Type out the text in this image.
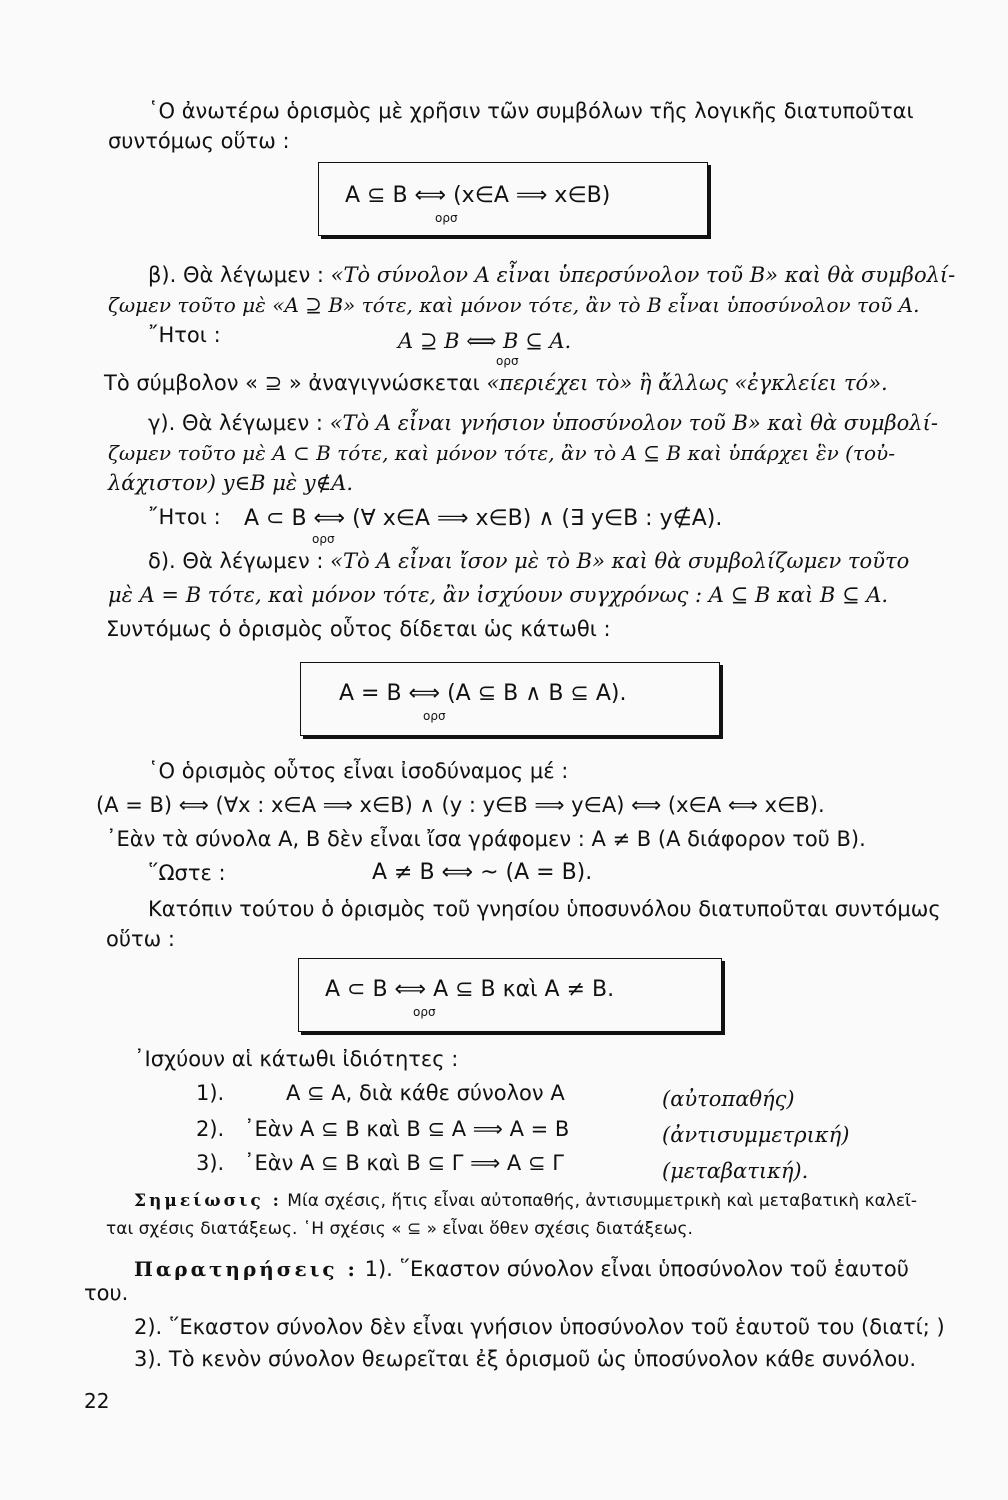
῾Ο ἀνωτέρω ὁρισμὸς μὲ χρῆσιν τῶν συμβόλων τῆς λογικῆς διατυποῦται
συντόμως οὕτω :
A ⊆ B ⟺ (x∈A ⟹ x∈B)
ορσ
β). Θὰ λέγωμεν : «Τὸ σύνολον A εἶναι ὑπερσύνολον τοῦ B» καὶ θὰ συμβολί-
ζωμεν τοῦτο μὲ «A ⊇ B» τότε, καὶ μόνον τότε, ἂν τὸ B εἶναι ὑποσύνολον τοῦ A.
῎Ητοι :	A ⊇ B ⟺ B ⊆ A.
ορσ
Τὸ σύμβολον « ⊇ » ἀναγιγνώσκεται «περιέχει τὸ» ἢ ἄλλως «ἐγκλείει τό».
γ). Θὰ λέγωμεν : «Τὸ A εἶναι γνήσιον ὑποσύνολον τοῦ B» καὶ θὰ συμβολί-
ζωμεν τοῦτο μὲ A ⊂ B τότε, καὶ μόνον τότε, ἂν τὸ A ⊆ B καὶ ὑπάρχει ἓν (τοὐ-
λάχιστον) y∈B μὲ y∉A.
῎Ητοι : A ⊂ B ⟺ (∀ x∈A ⟹ x∈B) ∧ (∃ y∈B : y∉A).
ορσ
δ). Θὰ λέγωμεν : «Τὸ A εἶναι ἴσον μὲ τὸ B» καὶ θὰ συμβολίζωμεν τοῦτο
μὲ A = B τότε, καὶ μόνον τότε, ἂν ἰσχύουν συγχρόνως : A ⊆ B καὶ B ⊆ A.
Συντόμως ὁ ὁρισμὸς οὗτος δίδεται ὡς κάτωθι :
A = B ⟺ (A ⊆ B ∧ B ⊆ A).
ορσ
῾Ο ὁρισμὸς οὗτος εἶναι ἰσοδύναμος μέ :
(A = B) ⟺ (∀x : x∈A ⟹ x∈B) ∧ (y : y∈B ⟹ y∈A) ⟺ (x∈A ⟺ x∈B).
᾽Εὰν τὰ σύνολα A, B δὲν εἶναι ἴσα γράφομεν : A ≠ B (A διάφορον τοῦ B).
῞Ωστε :	A ≠ B ⟺ ~ (A = B).
Κατόπιν τούτου ὁ ὁρισμὸς τοῦ γνησίου ὑποσυνόλου διατυποῦται συντόμως
οὕτω :
A ⊂ B ⟺ A ⊆ B καὶ A ≠ B.
ορσ
᾽Ισχύουν αἱ κάτωθι ἰδιότητες :
1).	A ⊆ A, διὰ κάθε σύνολον A	(αὐτοπαθής)
2). ᾽Εὰν A ⊆ B καὶ B ⊆ A ⟹ A = B	(ἀντισυμμετρική)
3). ᾽Εὰν A ⊆ B καὶ B ⊆ Γ ⟹ A ⊆ Γ	(μεταβατική).
Σημείωσις : Μία σχέσις, ἥτις εἶναι αὐτοπαθής, ἀντισυμμετρικὴ καὶ μεταβατικὴ καλεῖ-
ται σχέσις διατάξεως. ῾Η σχέσις « ⊆ » εἶναι ὅθεν σχέσις διατάξεως.
Παρατηρήσεις : 1). ῞Εκαστον σύνολον εἶναι ὑποσύνολον τοῦ ἑαυτοῦ
του.
2). ῞Εκαστον σύνολον δὲν εἶναι γνήσιον ὑποσύνολον τοῦ ἑαυτοῦ του (διατί; )
3). Τὸ κενὸν σύνολον θεωρεῖται ἐξ ὁρισμοῦ ὡς ὑποσύνολον κάθε συνόλου.
22
